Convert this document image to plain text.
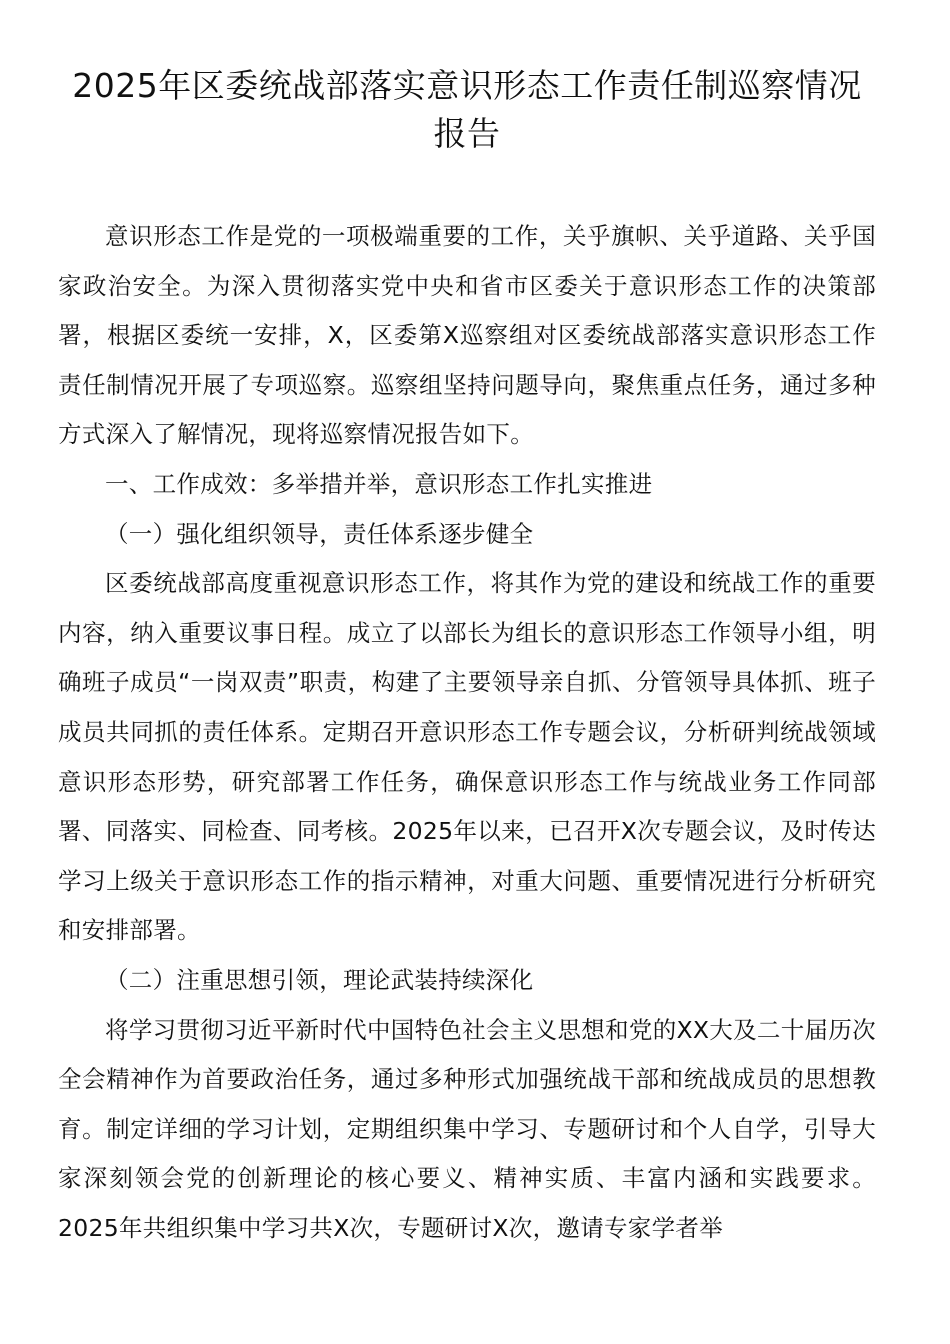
2025年区委统战部落实意识形态工作责任制巡察情况报告

意识形态工作是党的一项极端重要的工作，关乎旗帜、关乎道路、关乎国家政治安全。为深入贯彻落实党中央和省市区委关于意识形态工作的决策部署，根据区委统一安排，X，区委第X巡察组对区委统战部落实意识形态工作责任制情况开展了专项巡察。巡察组坚持问题导向，聚焦重点任务，通过多种方式深入了解情况，现将巡察情况报告如下。

一、工作成效：多举措并举，意识形态工作扎实推进

（一）强化组织领导，责任体系逐步健全

区委统战部高度重视意识形态工作，将其作为党的建设和统战工作的重要内容，纳入重要议事日程。成立了以部长为组长的意识形态工作领导小组，明确班子成员“一岗双责”职责，构建了主要领导亲自抓、分管领导具体抓、班子成员共同抓的责任体系。定期召开意识形态工作专题会议，分析研判统战领域意识形态形势，研究部署工作任务，确保意识形态工作与统战业务工作同部署、同落实、同检查、同考核。2025年以来，已召开X次专题会议，及时传达学习上级关于意识形态工作的指示精神，对重大问题、重要情况进行分析研究和安排部署。

（二）注重思想引领，理论武装持续深化

将学习贯彻习近平新时代中国特色社会主义思想和党的XX大及二十届历次全会精神作为首要政治任务，通过多种形式加强统战干部和统战成员的思想教育。制定详细的学习计划，定期组织集中学习、专题研讨和个人自学，引导大家深刻领会党的创新理论的核心要义、精神实质、丰富内涵和实践要求。2025年共组织集中学习共X次，专题研讨X次，邀请专家学者举
